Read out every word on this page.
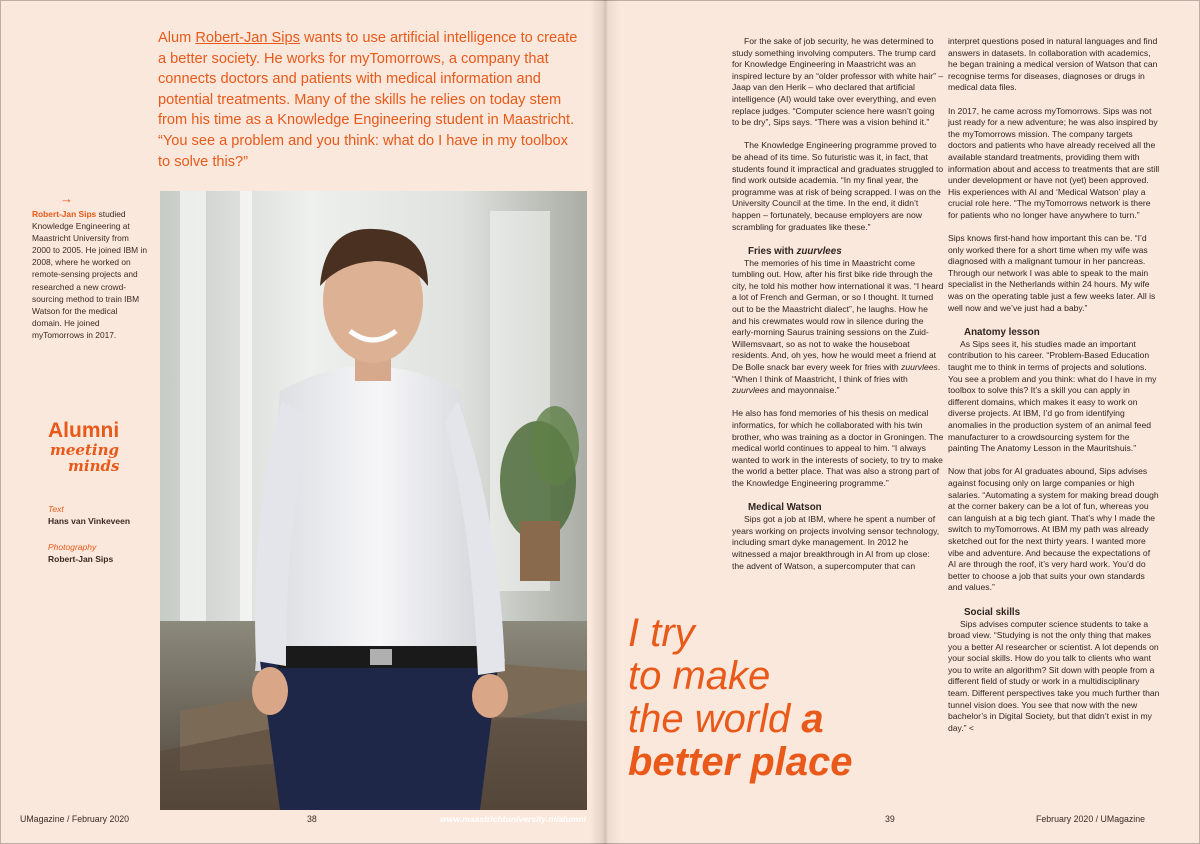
Alum Robert-Jan Sips wants to use artificial intelligence to create a better society. He works for myTomorrows, a company that connects doctors and patients with medical information and potential treatments. Many of the skills he relies on today stem from his time as a Knowledge Engineering student in Maastricht. “You see a problem and you think: what do I have in my toolbox to solve this?”
→
Robert-Jan Sips studied Knowledge Engineering at Maastricht University from 2000 to 2005. He joined IBM in 2008, where he worked on remote-sensing projects and researched a new crowd-sourcing method to train IBM Watson for the medical domain. He joined myTomorrows in 2017.
Alumni
meeting
minds
Text
Hans van Vinkeveen
Photography
Robert-Jan Sips
UMagazine / February 2020	38	www.maastrichtuniversity.nl/alumni	39	February 2020 / UMagazine

For the sake of job security, he was determined to study something involving computers. The trump card for Knowledge Engineering in Maastricht was an inspired lecture by an “older professor with white hair” – Jaap van den Herik – who declared that artificial intelligence (AI) would take over everything, and even replace judges. “Computer science here wasn’t going to be dry”, Sips says. “There was a vision behind it.”

The Knowledge Engineering programme proved to be ahead of its time. So futuristic was it, in fact, that students found it impractical and graduates struggled to find work outside academia. “In my final year, the programme was at risk of being scrapped. I was on the University Council at the time. In the end, it didn’t happen – fortunately, because employers are now scrambling for graduates like these.”

Fries with zuurvlees

The memories of his time in Maastricht come tumbling out. How, after his first bike ride through the city, he told his mother how international it was. “I heard a lot of French and German, or so I thought. It turned out to be the Maastricht dialect”, he laughs. How he and his crewmates would row in silence during the early-morning Saurus training sessions on the Zuid-Willemsvaart, so as not to wake the houseboat residents. And, oh yes, how he would meet a friend at De Bolle snack bar every week for fries with zuurvlees. “When I think of Maastricht, I think of fries with zuurvlees and mayonnaise.”

He also has fond memories of his thesis on medical informatics, for which he collaborated with his twin brother, who was training as a doctor in Groningen. The medical world continues to appeal to him. “I always wanted to work in the interests of society, to try to make the world a better place. That was also a strong part of the Knowledge Engineering programme.”

Medical Watson

Sips got a job at IBM, where he spent a number of years working on projects involving sensor technology, including smart dyke management. In 2012 he witnessed a major breakthrough in AI from up close: the advent of Watson, a supercomputer that can

interpret questions posed in natural languages and find answers in datasets. In collaboration with academics, he began training a medical version of Watson that can recognise terms for diseases, diagnoses or drugs in medical data files.

In 2017, he came across myTomorrows. Sips was not just ready for a new adventure; he was also inspired by the myTomorrows mission. The company targets doctors and patients who have already received all the available standard treatments, providing them with information about and access to treatments that are still under development or have not (yet) been approved. His experiences with AI and ‘Medical Watson’ play a crucial role here. “The myTomorrows network is there for patients who no longer have anywhere to turn.”

Sips knows first-hand how important this can be. “I’d only worked there for a short time when my wife was diagnosed with a malignant tumour in her pancreas. Through our network I was able to speak to the main specialist in the Netherlands within 24 hours. My wife was on the operating table just a few weeks later. All is well now and we’ve just had a baby.”

Anatomy lesson

As Sips sees it, his studies made an important contribution to his career. “Problem-Based Education taught me to think in terms of projects and solutions. You see a problem and you think: what do I have in my toolbox to solve this? It’s a skill you can apply in different domains, which makes it easy to work on diverse projects. At IBM, I’d go from identifying anomalies in the production system of an animal feed manufacturer to a crowdsourcing system for the painting The Anatomy Lesson in the Mauritshuis.”

Now that jobs for AI graduates abound, Sips advises against focusing only on large companies or high salaries. “Automating a system for making bread dough at the corner bakery can be a lot of fun, whereas you can languish at a big tech giant. That’s why I made the switch to myTomorrows. At IBM my path was already sketched out for the next thirty years. I wanted more vibe and adventure. And because the expectations of AI are through the roof, it’s very hard work. You’d do better to choose a job that suits your own standards and values.”

Social skills

Sips advises computer science students to take a broad view. “Studying is not the only thing that makes you a better AI researcher or scientist. A lot depends on your social skills. How do you talk to clients who want you to write an algorithm? Sit down with people from a different field of study or work in a multidisciplinary team. Different perspectives take you much further than tunnel vision does. You see that now with the new bachelor’s in Digital Society, but that didn’t exist in my day.” <

I try
to make
the world a
better place
